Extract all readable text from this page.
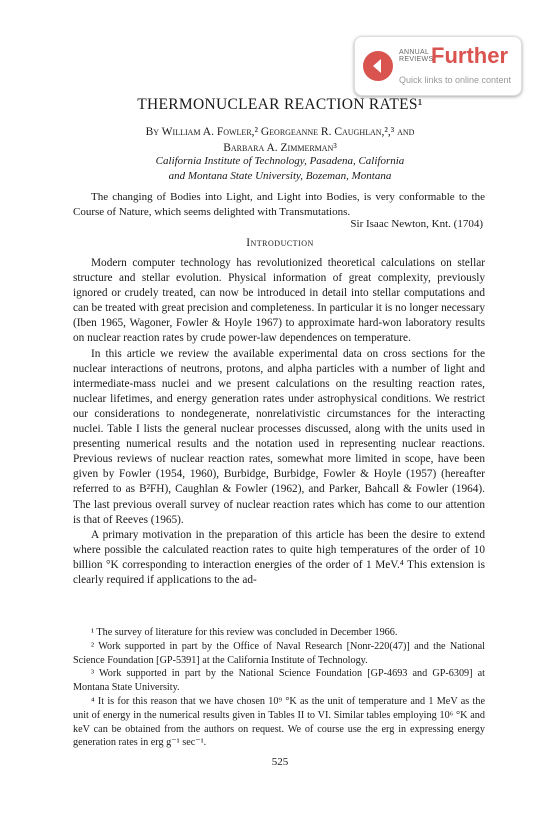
ANNUAL
REVIEWS
Further
Quick links to online content
THERMONUCLEAR REACTION RATES¹
By William A. Fowler,² Georgeanne R. Caughlan,²,³ and
Barbara A. Zimmerman³
California Institute of Technology, Pasadena, California
and Montana State University, Bozeman, Montana
The changing of Bodies into Light, and Light into Bodies, is very conformable to the Course of Nature, which seems delighted with Transmutations.
Sir Isaac Newton, Knt. (1704)
Introduction

Modern computer technology has revolutionized theoretical calculations on stellar structure and stellar evolution. Physical information of great complexity, previously ignored or crudely treated, can now be introduced in detail into stellar computations and can be treated with great precision and completeness. In particular it is no longer necessary (Iben 1965, Wagoner, Fowler & Hoyle 1967) to approximate hard-won laboratory results on nuclear reaction rates by crude power-law dependences on temperature.

In this article we review the available experimental data on cross sections for the nuclear interactions of neutrons, protons, and alpha particles with a number of light and intermediate-mass nuclei and we present calculations on the resulting reaction rates, nuclear lifetimes, and energy generation rates under astrophysical conditions. We restrict our considerations to nondegenerate, nonrelativistic circumstances for the interacting nuclei. Table I lists the general nuclear processes discussed, along with the units used in presenting numerical results and the notation used in representing nuclear reactions. Previous reviews of nuclear reaction rates, somewhat more limited in scope, have been given by Fowler (1954, 1960), Burbidge, Burbidge, Fowler & Hoyle (1957) (hereafter referred to as B²FH), Caughlan & Fowler (1962), and Parker, Bahcall & Fowler (1964). The last previous overall survey of nuclear reaction rates which has come to our attention is that of Reeves (1965).

A primary motivation in the preparation of this article has been the desire to extend where possible the calculated reaction rates to quite high temperatures of the order of 10 billion °K corresponding to interaction energies of the order of 1 MeV.⁴ This extension is clearly required if applications to the ad-

¹ The survey of literature for this review was concluded in December 1966.

² Work supported in part by the Office of Naval Research [Nonr-220(47)] and the National Science Foundation [GP-5391] at the California Institute of Technology.

³ Work supported in part by the National Science Foundation [GP-4693 and GP-6309] at Montana State University.

⁴ It is for this reason that we have chosen 10⁹ °K as the unit of temperature and 1 MeV as the unit of energy in the numerical results given in Tables II to VI. Similar tables employing 10⁶ °K and keV can be obtained from the authors on request. We of course use the erg in expressing energy generation rates in erg g⁻¹ sec⁻¹.

525
